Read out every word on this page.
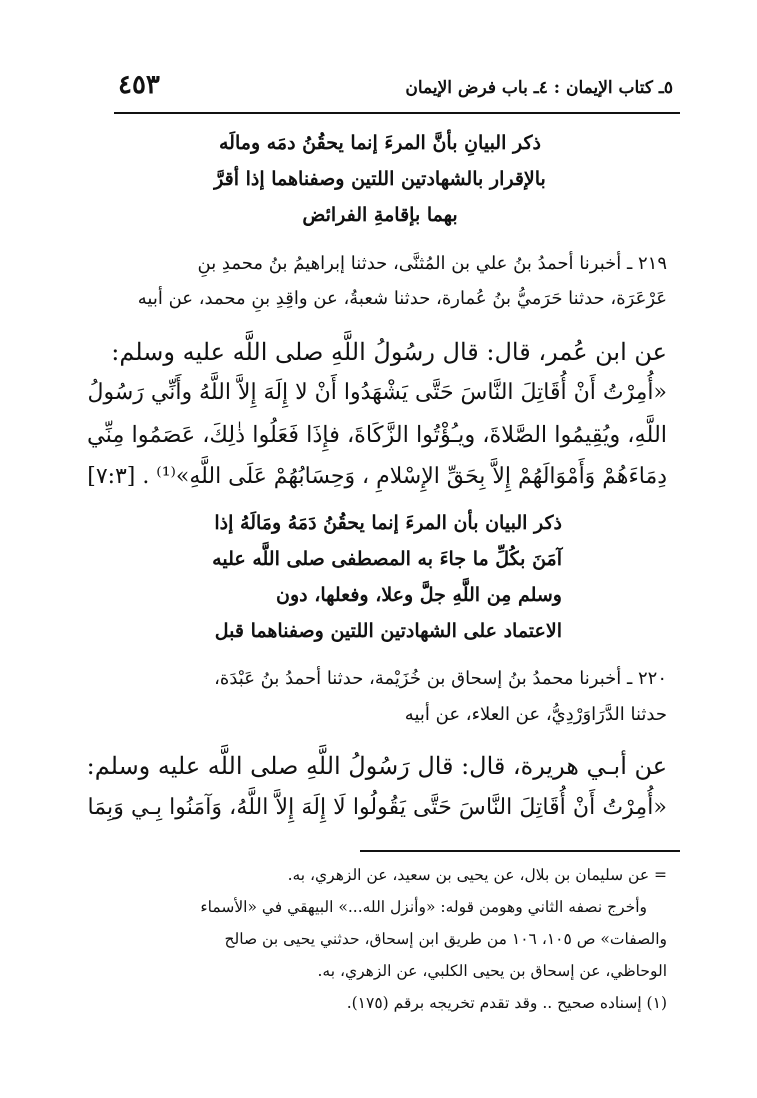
٤٥٣	٥ـ كتاب الإيمان : ٤ـ باب فرض الإيمان
ذكر البيانِ بأنَّ المرءَ إنما يحقُنُ دمَه ومالَه
بالإقرار بالشهادتين اللتين وصفناهما إذا أقرَّ
بهما بإقامةِ الفرائض
٢١٩ ـ أخبرنا أحمدُ بنُ علي بن المُثنَّى، حدثنا إبراهيمُ بنُ محمدِ بنِ
عَرْعَرَة، حدثنا حَرَميُّ بنُ عُمارة، حدثنا شعبةُ، عن واقِدِ بنِ محمد، عن أبيه
عن ابن عُمر، قال: قال رسُولُ اللَّهِ صلى اللَّه عليه وسلم:
«أُمِرْتُ أَنْ أُقَاتِلَ النَّاسَ حَتَّى يَشْهَدُوا أَنْ لا إِلَهَ إِلاَّ اللَّهُ وأَنِّي رَسُولُ
اللَّهِ، ويُقِيمُوا الصَّلاةَ، ويـُؤْتُوا الزَّكَاةَ، فإِذَا فَعَلُوا ذٰلِكَ، عَصَمُوا مِنِّي
دِمَاءَهُمْ وَأَمْوَالَهُمْ إِلاَّ بِحَقِّ الإِسْلامِ ، وَحِسَابُهُمْ عَلَى اللَّهِ»⁽¹⁾ . [٧:٣]
ذكر البيان بأن المرءَ إنما يحقُنُ دَمَهُ ومَالَهُ إذا
آمَنَ بكُلِّ ما جاءَ به المصطفى صلى اللَّه عليه
وسلم مِن اللَّهِ جلَّ وعلا، وفعلها، دون
الاعتماد على الشهادتين اللتين وصفناهما قبل
٢٢٠ ـ أخبرنا محمدُ بنُ إسحاق بن خُزَيْمة، حدثنا أحمدُ بنُ عَبْدَة،
حدثنا الدَّرَاوَرْدِيُّ، عن العلاء، عن أبيه
عن أبـي هريرة، قال: قال رَسُولُ اللَّهِ صلى اللَّه عليه وسلم:
«أُمِرْتُ أَنْ أُقَاتِلَ النَّاسَ حَتَّى يَقُولُوا لَا إِلَهَ إِلاَّ اللَّهُ، وَآمَنُوا بِـي وَبِمَا
= عن سليمان بن بلال، عن يحيى بن سعيد، عن الزهري، به.
وأخرج نصفه الثاني وهومن قوله: «وأنزل الله...» البيهقي في «الأسماء
والصفات» ص ١٠٥، ١٠٦ من طريق ابن إسحاق، حدثني يحيى بن صالح
الوحاظي، عن إسحاق بن يحيى الكلبي، عن الزهري، به.
(١) إسناده صحيح .. وقد تقدم تخريجه برقم (١٧٥).
